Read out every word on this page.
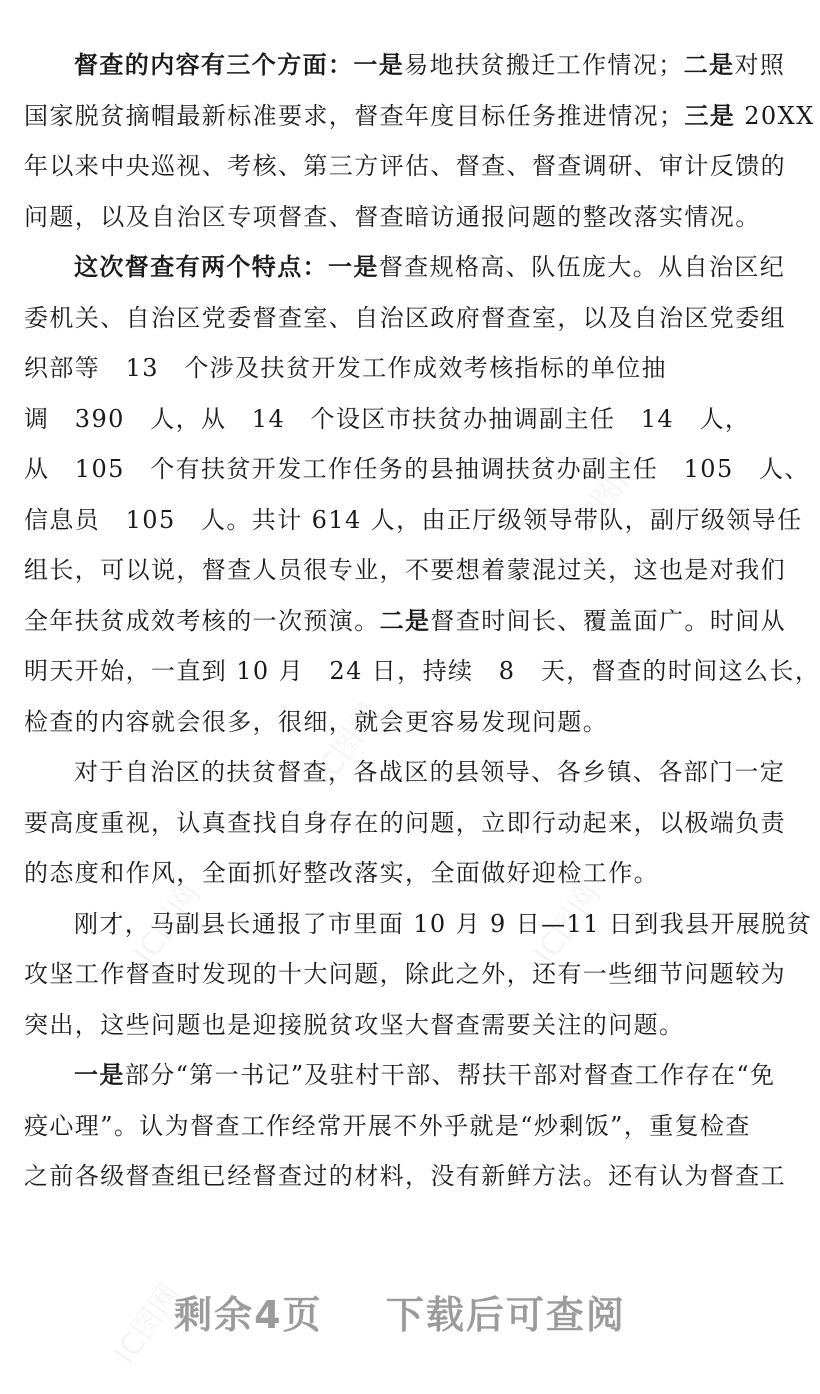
IC图网
IC图网
IC图网
IC图网
IC图网
督查的内容有三个方面：一是易地扶贫搬迁工作情况；二是对照
国家脱贫摘帽最新标准要求，督查年度目标任务推进情况；三是 20XX
年以来中央巡视、考核、第三方评估、督查、督查调研、审计反馈的
问题，以及自治区专项督查、督查暗访通报问题的整改落实情况。
这次督查有两个特点：一是督查规格高、队伍庞大。从自治区纪
委机关、自治区党委督查室、自治区政府督查室，以及自治区党委组
织部等　13　个涉及扶贫开发工作成效考核指标的单位抽
调　390　人，从　14　个设区市扶贫办抽调副主任　14　人，
从　105　个有扶贫开发工作任务的县抽调扶贫办副主任　105　人、
信息员　105　人。共计 614 人，由正厅级领导带队，副厅级领导任
组长，可以说，督查人员很专业，不要想着蒙混过关，这也是对我们
全年扶贫成效考核的一次预演。二是督查时间长、覆盖面广。时间从
明天开始，一直到 10 月　24 日，持续　8　天，督查的时间这么长，
检查的内容就会很多，很细，就会更容易发现问题。
对于自治区的扶贫督查，各战区的县领导、各乡镇、各部门一定
要高度重视，认真查找自身存在的问题，立即行动起来，以极端负责
的态度和作风，全面抓好整改落实，全面做好迎检工作。
刚才，马副县长通报了市里面 10 月 9 日—11 日到我县开展脱贫
攻坚工作督查时发现的十大问题，除此之外，还有一些细节问题较为
突出，这些问题也是迎接脱贫攻坚大督查需要关注的问题。
一是部分“第一书记”及驻村干部、帮扶干部对督查工作存在“免
疫心理”。认为督查工作经常开展不外乎就是“炒剩饭”，重复检查
之前各级督查组已经督查过的材料，没有新鲜方法。还有认为督查工
剩余4页 下载后可查阅
